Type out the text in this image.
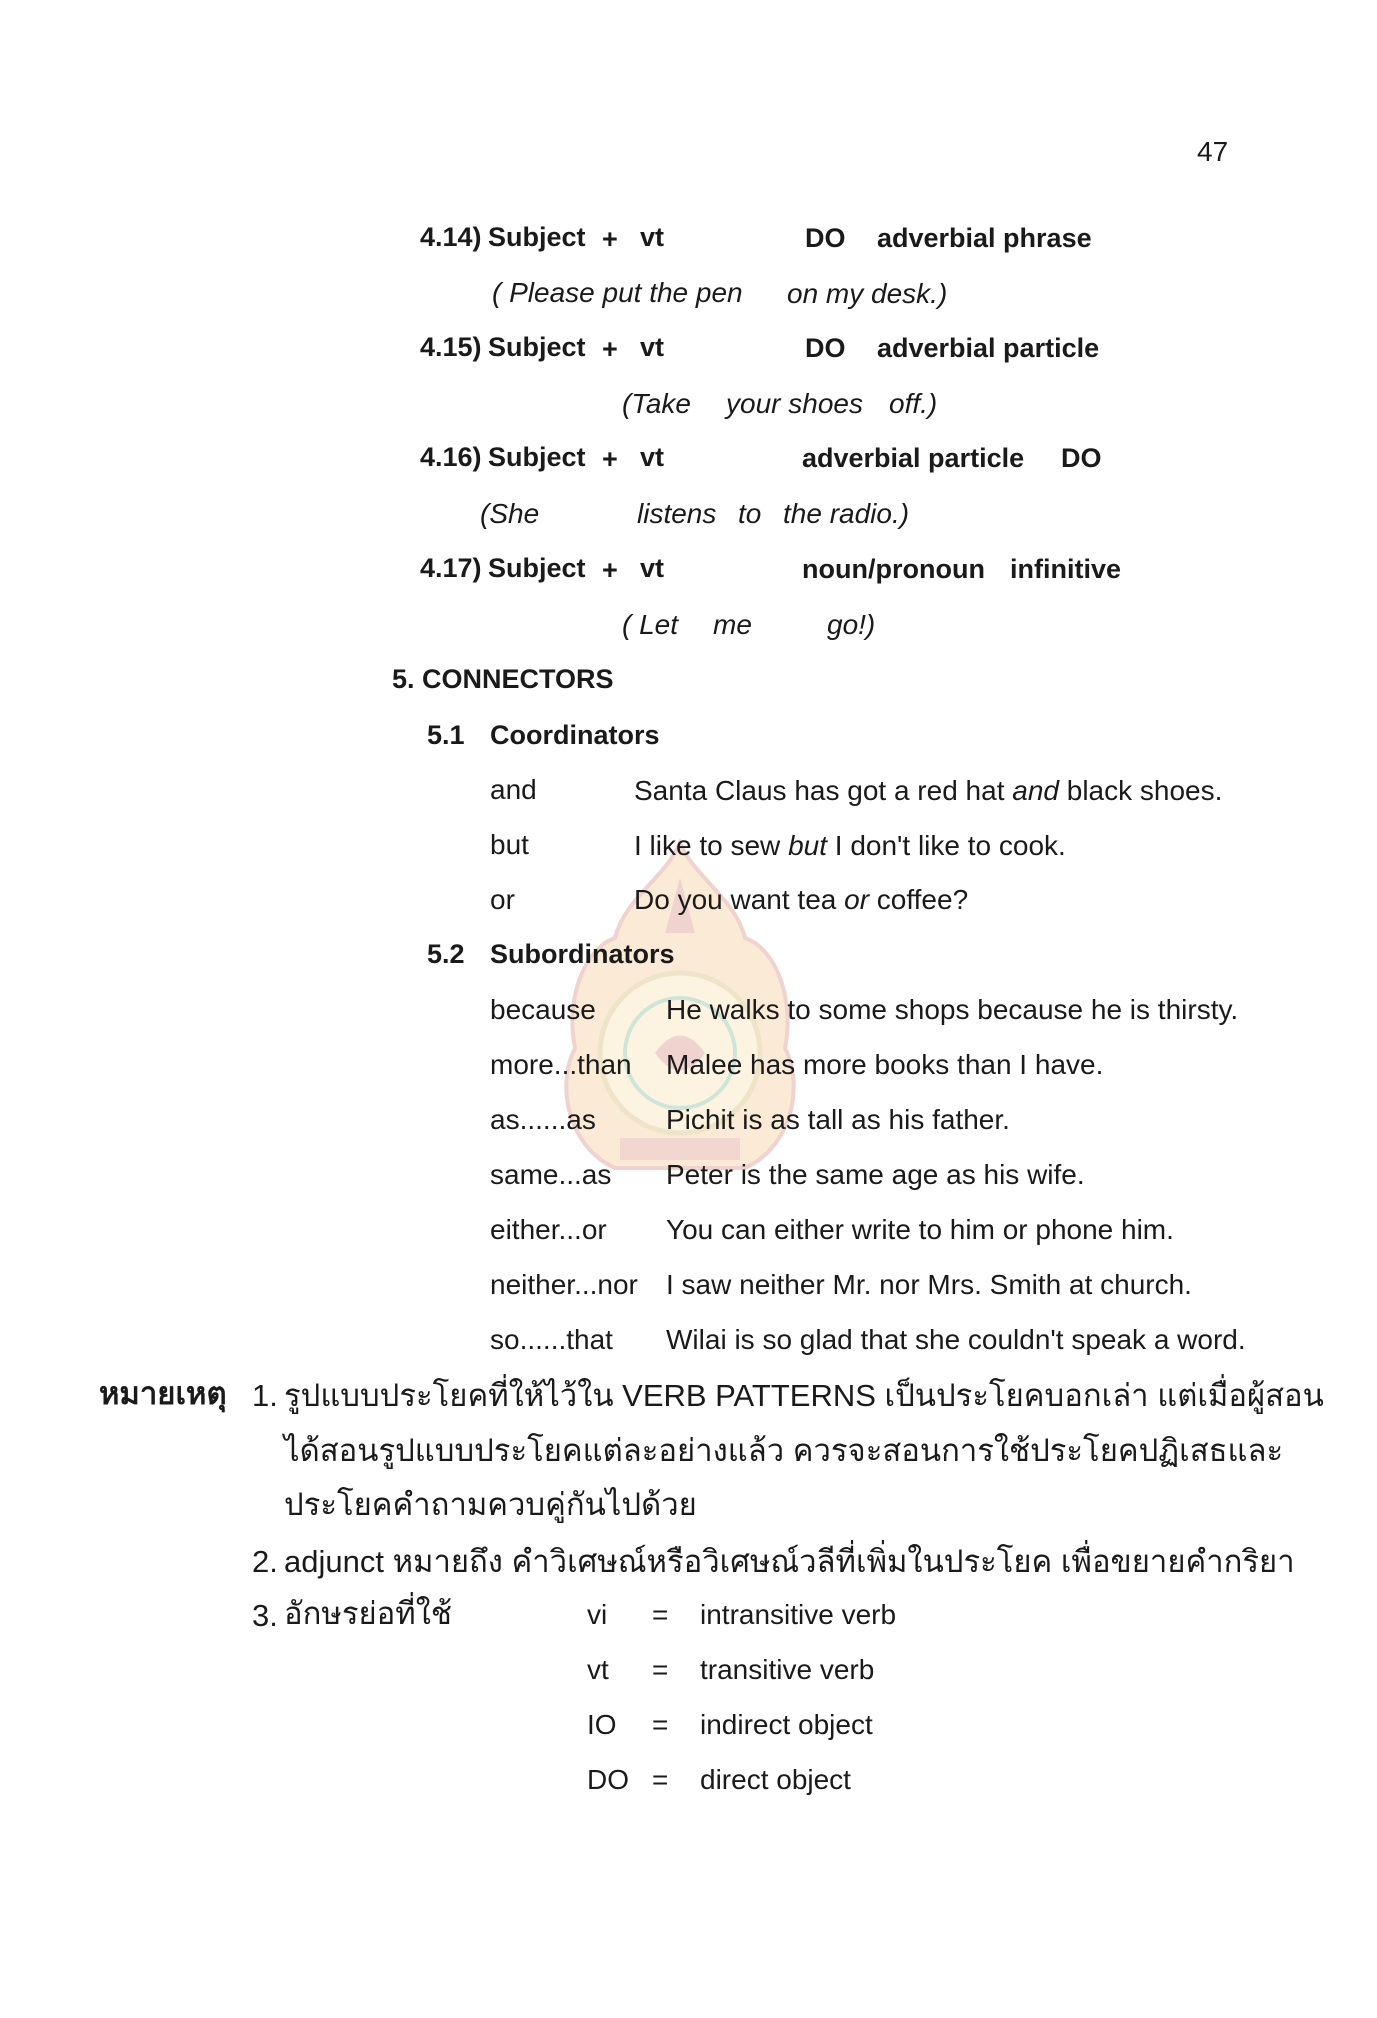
47
4.14) Subject + vt	DO adverbial phrase
( Please put the pen on my desk.)
4.15) Subject + vt	DO adverbial particle
(Take your shoes off.)
4.16) Subject + vt	adverbial particle DO
(She	listens to the radio.)
4.17) Subject + vt	noun/pronoun infinitive
( Let me	go!)
5. CONNECTORS
5.1 Coordinators
and	Santa Claus has got a red hat and black shoes.
but	I like to sew but I don't like to cook.
or	Do you want tea or coffee?
5.2 Subordinators
because	He walks to some shops because he is thirsty.
more...than Malee has more books than I have.
as......as	Pichit is as tall as his father.
same...as Peter is the same age as his wife.
either...or You can either write to him or phone him.
neither...nor I saw neither Mr. nor Mrs. Smith at church.
so......that Wilai is so glad that she couldn't speak a word.
หมายเหตุ 1. รูปแบบประโยคที่ให้ไว้ใน VERB PATTERNS เป็นประโยคบอกเล่า แต่เมื่อผู้สอน
ได้สอนรูปแบบประโยคแต่ละอย่างแล้ว ควรจะสอนการใช้ประโยคปฏิเสธและ
ประโยคคำถามควบคู่กันไปด้วย
2. adjunct หมายถึง คำวิเศษณ์หรือวิเศษณ์วลีที่เพิ่มในประโยค เพื่อขยายคำกริยา
3. อักษรย่อที่ใช้	vi = intransitive verb
vt = transitive verb
IO = indirect object
DO = direct object
